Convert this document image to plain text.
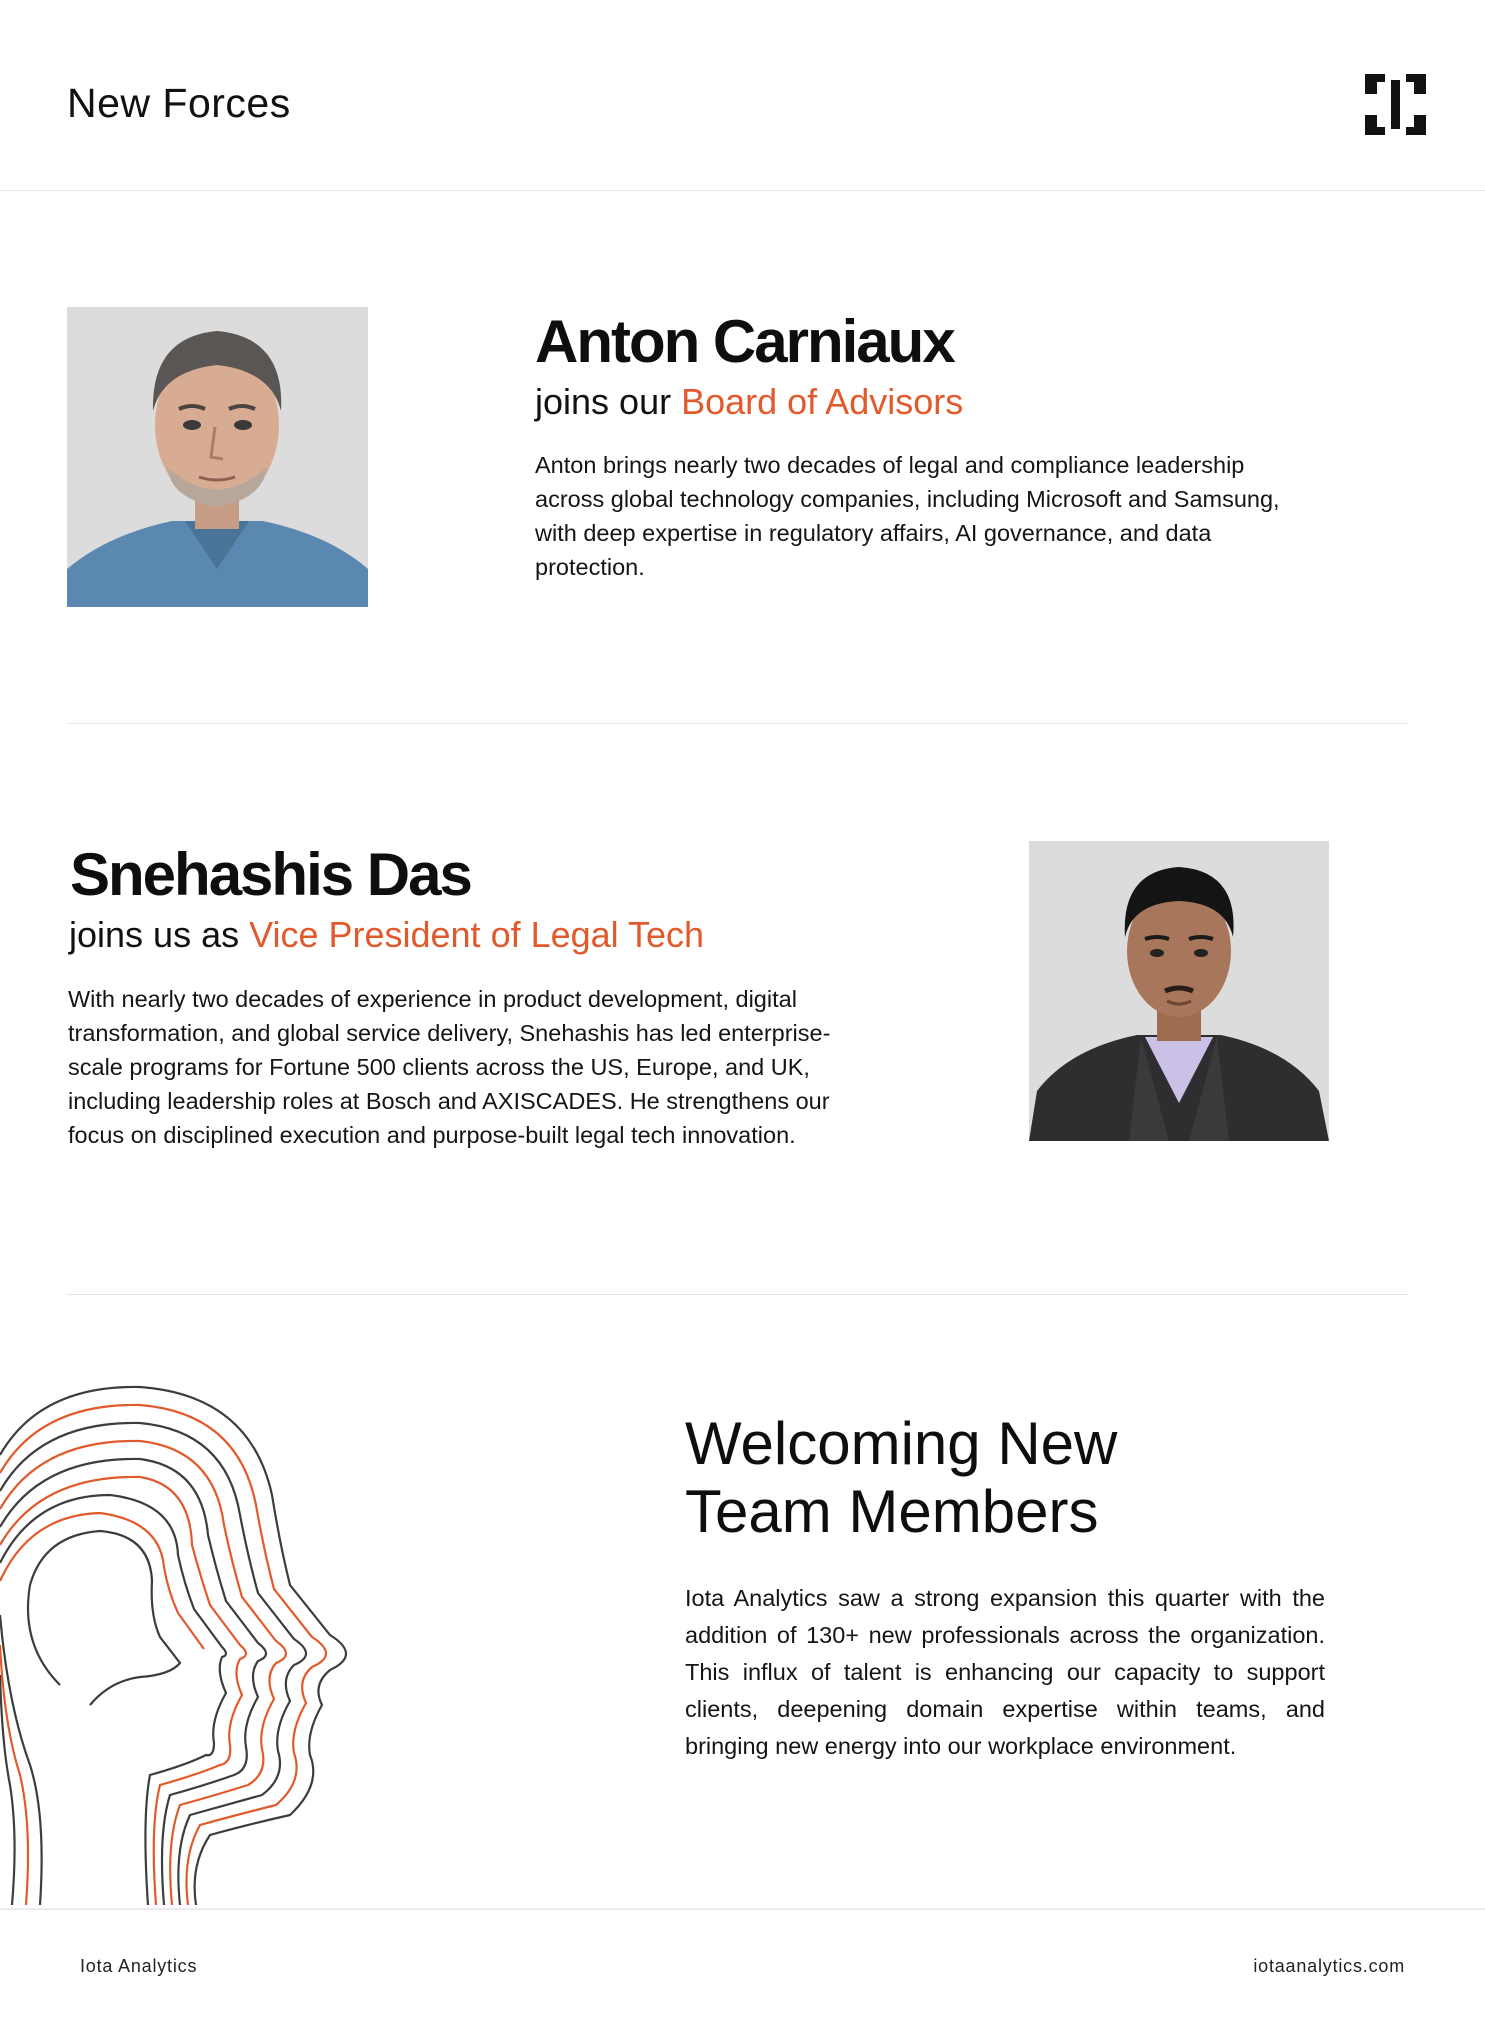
New Forces
Anton Carniaux
joins our Board of Advisors

Anton brings nearly two decades of legal and compliance leadership across global technology companies, including Microsoft and Samsung, with deep expertise in regulatory affairs, AI governance, and data protection.

Snehashis Das
joins us as Vice President of Legal Tech

With nearly two decades of experience in product development, digital transformation, and global service delivery, Snehashis has led enterprise-scale programs for Fortune 500 clients across the US, Europe, and UK, including leadership roles at Bosch and AXISCADES. He strengthens our focus on disciplined execution and purpose-built legal tech innovation.

Welcoming New
Team Members

Iota Analytics saw a strong expansion this quarter with the addition of 130+ new professionals across the organization. This influx of talent is enhancing our capacity to support clients, deepening domain expertise within teams, and bringing new energy into our workplace environment.

Iota Analytics	iotaanalytics.com
